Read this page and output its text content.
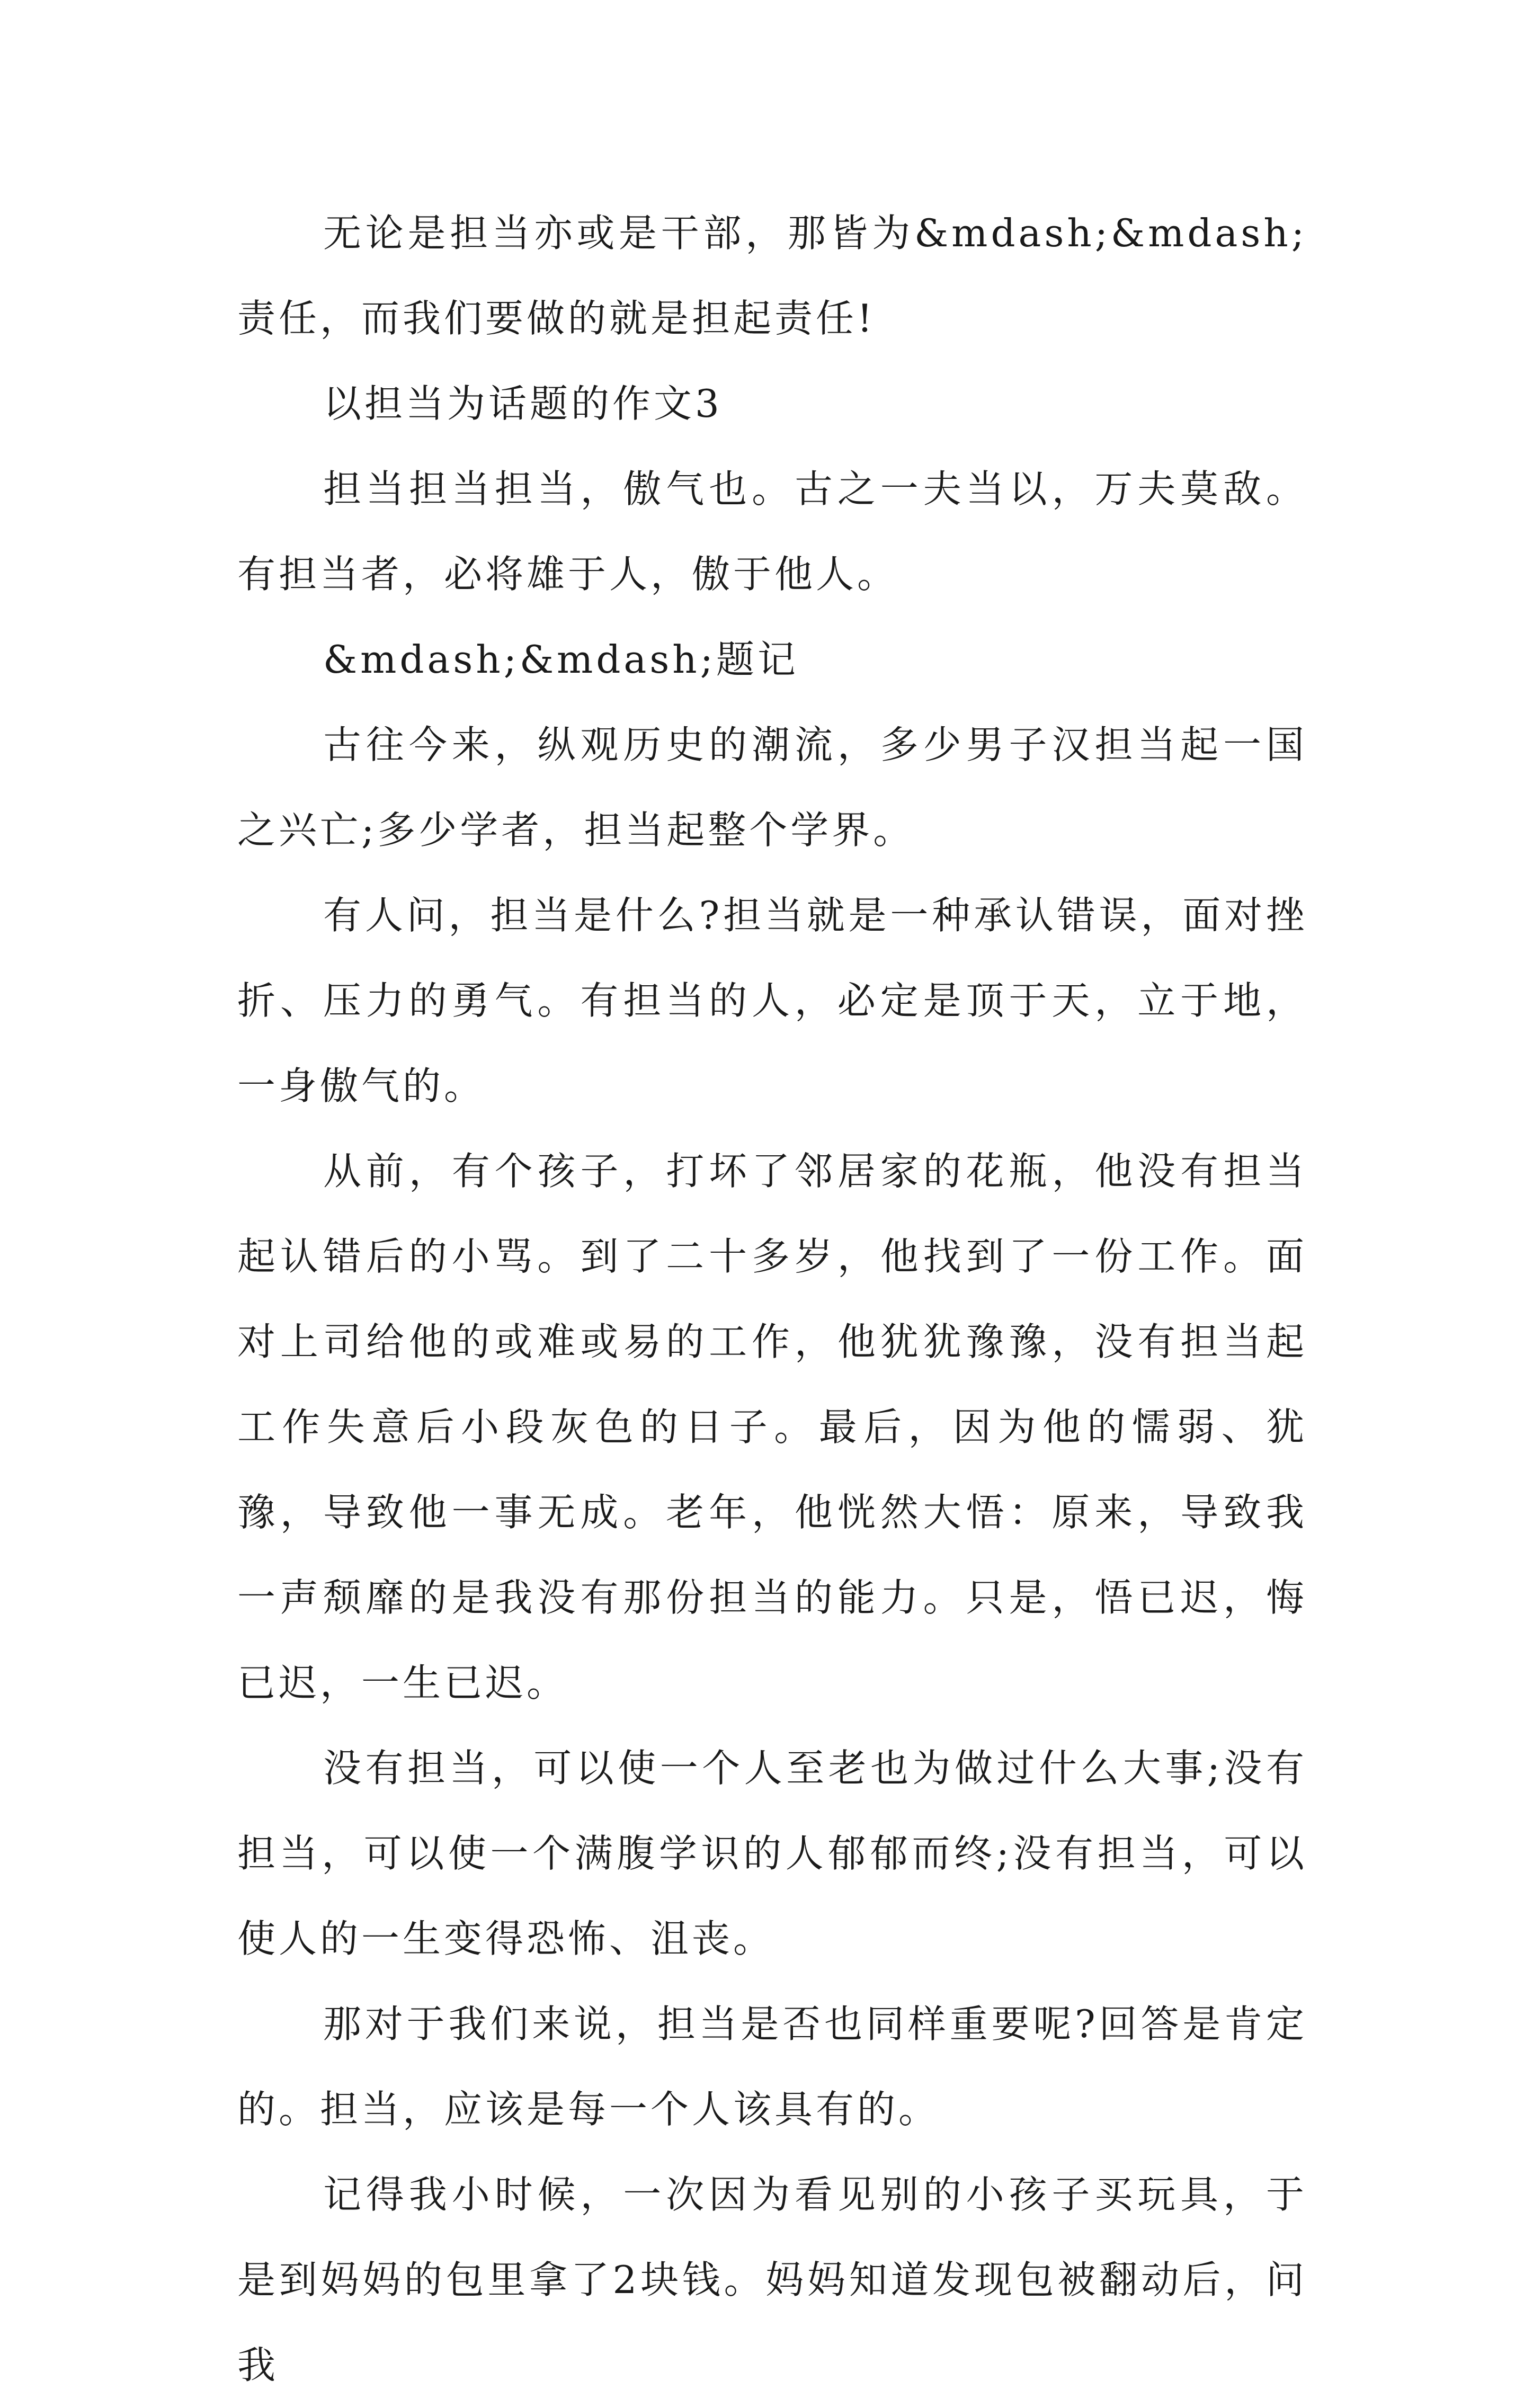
无论是担当亦或是干部，那皆为&mdash;&mdash;责任，而我们要做的就是担起责任!

以担当为话题的作文3

担当担当担当，傲气也。古之一夫当以，万夫莫敌。有担当者，必将雄于人，傲于他人。

&mdash;&mdash;题记

古往今来，纵观历史的潮流，多少男子汉担当起一国之兴亡;多少学者，担当起整个学界。

有人问，担当是什么?担当就是一种承认错误，面对挫折、压力的勇气。有担当的人，必定是顶于天，立于地，一身傲气的。

从前，有个孩子，打坏了邻居家的花瓶，他没有担当起认错后的小骂。到了二十多岁，他找到了一份工作。面对上司给他的或难或易的工作，他犹犹豫豫，没有担当起工作失意后小段灰色的日子。最后，因为他的懦弱、犹豫，导致他一事无成。老年，他恍然大悟：原来，导致我一声颓靡的是我没有那份担当的能力。只是，悟已迟，悔已迟，一生已迟。

没有担当，可以使一个人至老也为做过什么大事;没有担当，可以使一个满腹学识的人郁郁而终;没有担当，可以使人的一生变得恐怖、沮丧。

那对于我们来说，担当是否也同样重要呢?回答是肯定的。担当，应该是每一个人该具有的。

记得我小时候，一次因为看见别的小孩子买玩具，于是到妈妈的包里拿了2块钱。妈妈知道发现包被翻动后，问我
